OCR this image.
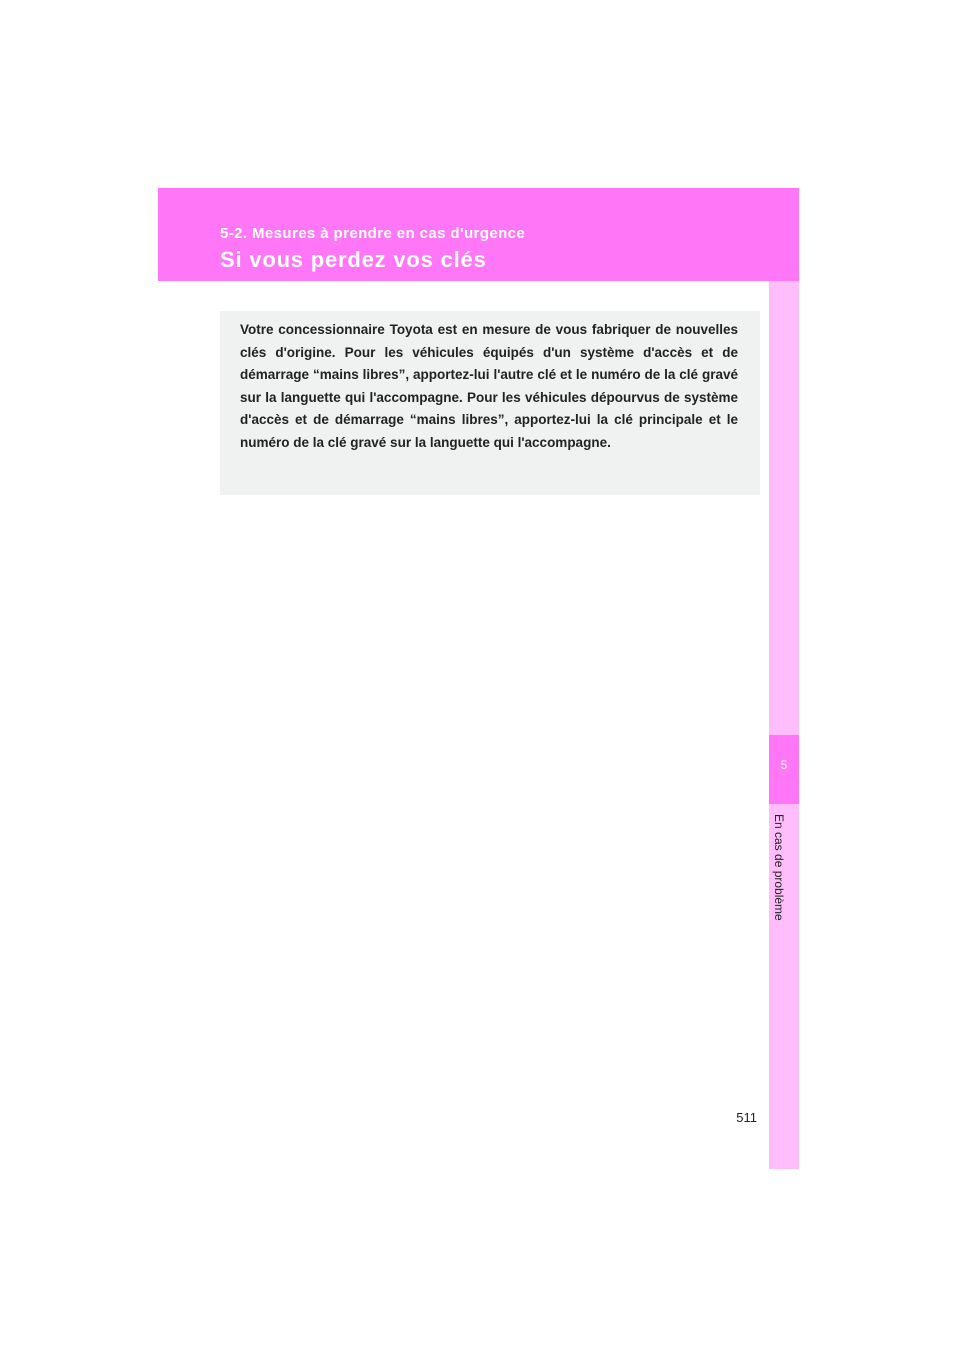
5-2. Mesures à prendre en cas d'urgence
Si vous perdez vos clés
5
En cas de problème

Votre concessionnaire Toyota est en mesure de vous fabriquer de nouvelles clés d'origine. Pour les véhicules équipés d'un système d'accès et de démarrage “mains libres”, apportez-lui l'autre clé et le numéro de la clé gravé sur la languette qui l'accompagne. Pour les véhicules dépourvus de système d'accès et de démarrage “mains libres”, apportez-lui la clé principale et le numéro de la clé gravé sur la languette qui l'accompagne.

511
